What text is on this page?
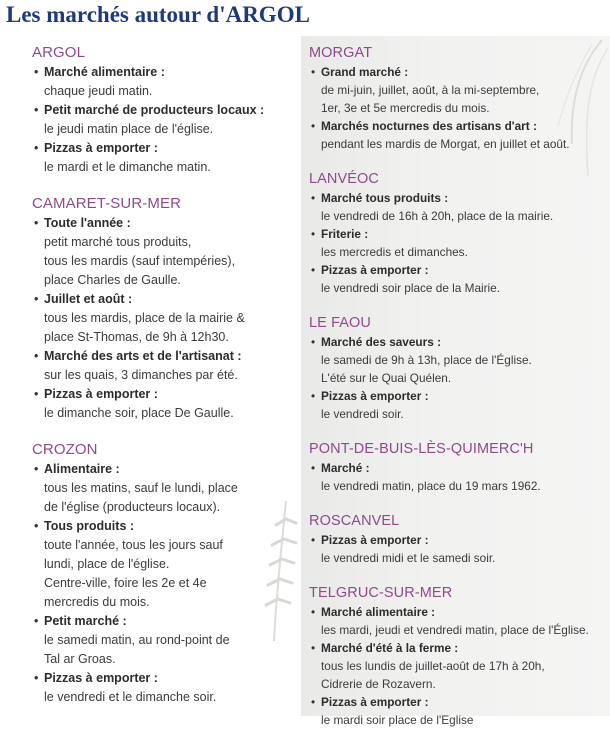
Les marchés autour d'ARGOL
ARGOL
• Marché alimentaire :
chaque jeudi matin.
• Petit marché de producteurs locaux :
le jeudi matin place de l'église.
• Pizzas à emporter :
le mardi et le dimanche matin.
CAMARET-SUR-MER
• Toute l'année :
petit marché tous produits,
tous les mardis (sauf intempéries),
place Charles de Gaulle.
• Juillet et août :
tous les mardis, place de la mairie &
place St-Thomas, de 9h à 12h30.
• Marché des arts et de l'artisanat :
sur les quais, 3 dimanches par été.
• Pizzas à emporter :
le dimanche soir, place De Gaulle.
CROZON
• Alimentaire :
tous les matins, sauf le lundi, place
de l'église (producteurs locaux).
• Tous produits :
toute l'année, tous les jours sauf
lundi, place de l'église.
Centre-ville, foire les 2e et 4e
mercredis du mois.
• Petit marché :
le samedi matin, au rond-point de
Tal ar Groas.
• Pizzas à emporter :
le vendredi et le dimanche soir.
MORGAT
• Grand marché :
de mi-juin, juillet, août, à la mi-septembre,
1er, 3e et 5e mercredis du mois.
• Marchés nocturnes des artisans d'art :
pendant les mardis de Morgat, en juillet et août.
LANVÉOC
• Marché tous produits :
le vendredi de 16h à 20h, place de la mairie.
• Friterie :
les mercredis et dimanches.
• Pizzas à emporter :
le vendredi soir place de la Mairie.
LE FAOU
• Marché des saveurs :
le samedi de 9h à 13h, place de l'Église.
L'été sur le Quai Quélen.
• Pizzas à emporter :
le vendredi soir.
PONT-DE-BUIS-LÈS-QUIMERC'H
• Marché :
le vendredi matin, place du 19 mars 1962.
ROSCANVEL
• Pizzas à emporter :
le vendredi midi et le samedi soir.
TELGRUC-SUR-MER
• Marché alimentaire :
les mardi, jeudi et vendredi matin, place de l'Église.
• Marché d'été à la ferme :
tous les lundis de juillet-août de 17h à 20h,
Cidrerie de Rozavern.
• Pizzas à emporter :
le mardi soir place de l'Eglise
